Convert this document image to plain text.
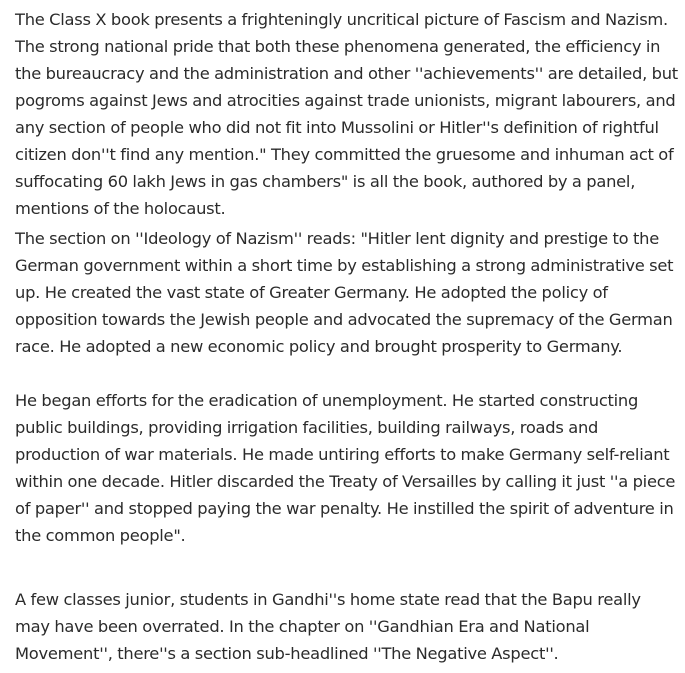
The Class X book presents a frighteningly uncritical picture of Fascism and Nazism. The strong national pride that both these phenomena generated, the efficiency in the bureaucracy and the administration and other ''achievements'' are detailed, but pogroms against Jews and atrocities against trade unionists, migrant labourers, and any section of people who did not fit into Mussolini or Hitler''s definition of rightful citizen don''t find any mention." They committed the gruesome and inhuman act of suffocating 60 lakh Jews in gas chambers" is all the book, authored by a panel, mentions of the holocaust.

The section on ''Ideology of Nazism'' reads: "Hitler lent dignity and prestige to the German government within a short time by establishing a strong administrative set up. He created the vast state of Greater Germany. He adopted the policy of opposition towards the Jewish people and advocated the supremacy of the German race. He adopted a new economic policy and brought prosperity to Germany.

He began efforts for the eradication of unemployment. He started constructing public buildings, providing irrigation facilities, building railways, roads and production of war materials. He made untiring efforts to make Germany self-reliant within one decade. Hitler discarded the Treaty of Versailles by calling it just ''a piece of paper'' and stopped paying the war penalty. He instilled the spirit of adventure in the common people".

A few classes junior, students in Gandhi''s home state read that the Bapu really may have been overrated. In the chapter on ''Gandhian Era and National Movement'', there''s a section sub-headlined ''The Negative Aspect''.
